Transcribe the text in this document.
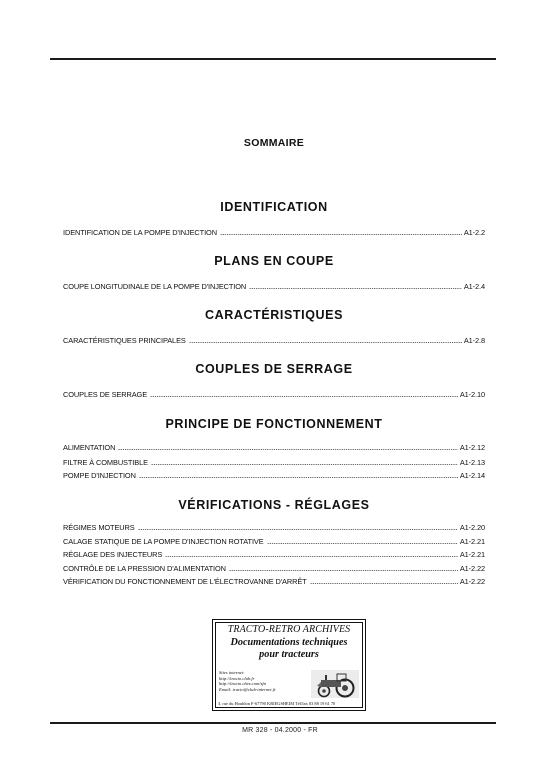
SOMMAIRE
IDENTIFICATION
IDENTIFICATION DE LA POMPE D'INJECTION	A1-2.2
PLANS EN COUPE
COUPE LONGITUDINALE DE LA POMPE D'INJECTION	A1-2.4
CARACTÉRISTIQUES
CARACTÉRISTIQUES PRINCIPALES	A1-2.8
COUPLES DE SERRAGE
COUPLES DE SERRAGE	A1-2.10
PRINCIPE DE FONCTIONNEMENT
ALIMENTATION	A1-2.12
FILTRE À COMBUSTIBLE	A1-2.13
POMPE D'INJECTION	A1-2.14
VÉRIFICATIONS - RÉGLAGES
RÉGIMES MOTEURS	A1-2.20
CALAGE STATIQUE DE LA POMPE D'INJECTION ROTATIVE	A1-2.21
RÉGLAGE DES INJECTEURS	A1-2.21
CONTRÔLE DE LA PRESSION D'ALIMENTATION	A1-2.22
VÉRIFICATION DU FONCTIONNEMENT DE L'ÉLECTROVANNE D'ARRÊT	A1-2.22
TRACTO-RETRO ARCHIVES
Documentations techniques
pour tracteurs
Sites internet:
http://tracto.club.fr
http://tracto.chez.com/sfn
Email: tracto@club-internet.fr
3, rue du Houblon F-67790 KRIEGSHEIM Tél/fax 03 88 19 61 70
MR 328 - 04.2000 - FR
